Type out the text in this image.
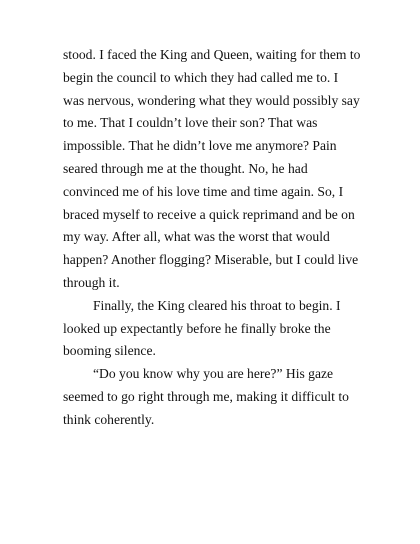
stood. I faced the King and Queen, waiting for them to
begin the council to which they had called me to. I
was nervous, wondering what they would possibly say
to me. That I couldn’t love their son? That was
impossible. That he didn’t love me anymore? Pain
seared through me at the thought. No, he had
convinced me of his love time and time again. So, I
braced myself to receive a quick reprimand and be on
my way. After all, what was the worst that would
happen? Another flogging? Miserable, but I could live
through it.
Finally, the King cleared his throat to begin. I
looked up expectantly before he finally broke the
booming silence.
“Do you know why you are here?” His gaze
seemed to go right through me, making it difficult to
think coherently.
